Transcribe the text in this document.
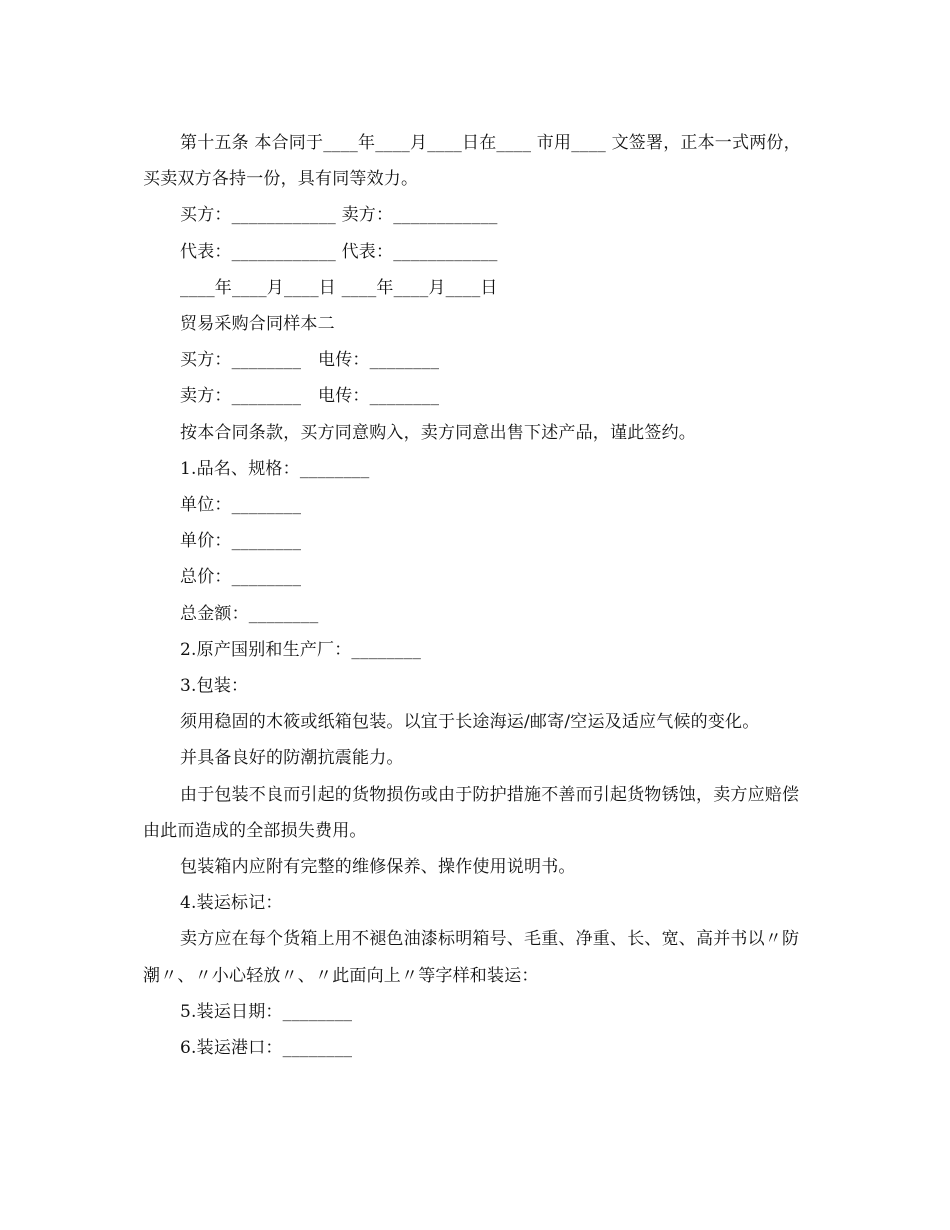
第十五条 本合同于____年____月____日在____ 市用____ 文签署，正本一式两份，买卖双方各持一份，具有同等效力。

买方：____________ 卖方：____________

代表：____________ 代表：____________

____年____月____日 ____年____月____日

贸易采购合同样本二

买方：________   电传：________

卖方：________   电传：________

按本合同条款，买方同意购入，卖方同意出售下述产品，谨此签约。

1.品名、规格：________

单位：________

单价：________

总价：________

总金额：________

2.原产国别和生产厂：________

3.包装：

须用稳固的木筱或纸箱包装。以宜于长途海运/邮寄/空运及适应气候的变化。

并具备良好的防潮抗震能力。

由于包装不良而引起的货物损伤或由于防护措施不善而引起货物锈蚀，卖方应赔偿由此而造成的全部损失费用。

包装箱内应附有完整的维修保养、操作使用说明书。

4.装运标记：

卖方应在每个货箱上用不褪色油漆标明箱号、毛重、净重、长、宽、高并书以〃防潮〃、〃小心轻放〃、〃此面向上〃等字样和装运：

5.装运日期：________

6.装运港口：________
